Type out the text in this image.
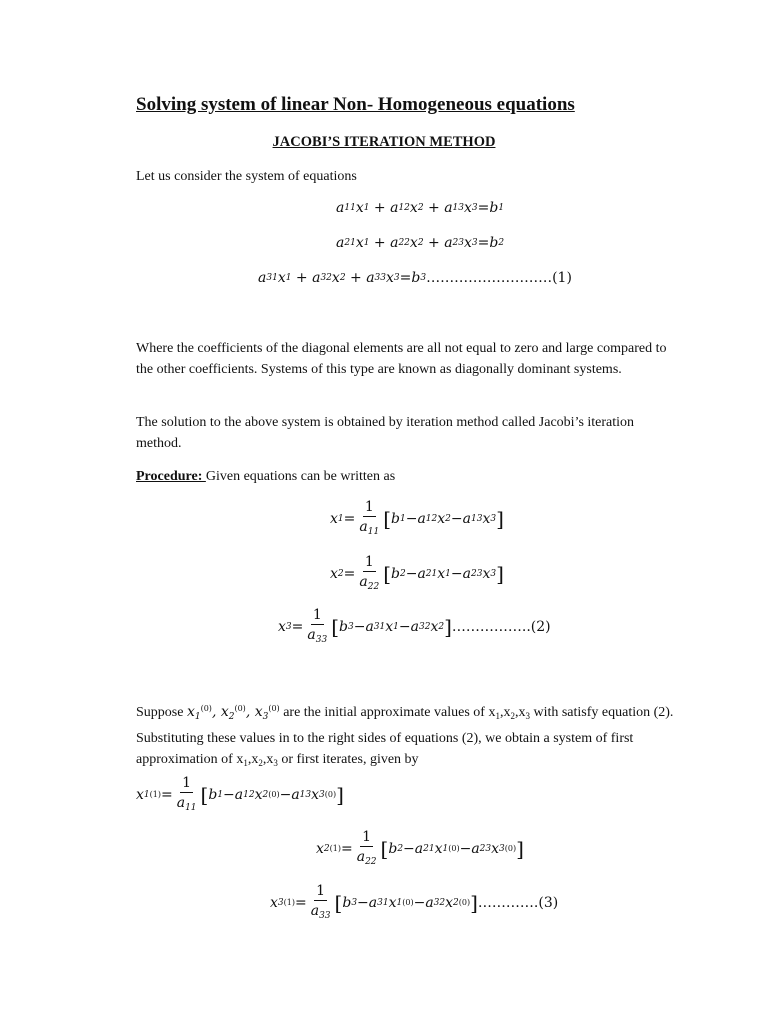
Solving system of linear Non- Homogeneous equations
JACOBI’S ITERATION METHOD
Let us consider the system of equations
a 11 x 1 + a 12 x 2 + a 13 x 3 = b 1
a 21 x 1 + a 22 x 2 + a 23 x 3 = b 2
a 31 x 1 + a 32 x 2 + a 33 x 3 = b 3 ………………………(1)
Where the coefficients of the diagonal elements are all not equal to zero and large compared to the other coefficients. Systems of this type are known as diagonally dominant systems.
The solution to the above system is obtained by iteration method called Jacobi’s iteration method.
Procedure: Given equations can be written as
x $1 = \frac{1}{a_{11}}$ [ b 1 − a 12 x 2 − a 13 x 3 ]
x $2 = \frac{1}{a_{22}}$ [ b 2 − a 21 x 1 − a 23 x 3 ]
x $3 = \frac{1}{a_{33}}$ [ b 3 − a 31 x 1 − a 32 x 2 ] ……………..(2)
Suppose $x_1^{(0)}$, $x_2^{(0)}$, $x_3^{(0)}$ are the initial approximate values of $x_1,x_2,x_3$ with satisfy equation (2). Substituting these values in to the right sides of equations (2), we obtain a system of first approximation of $x_1,x_2,x_3$ or first iterates, given by
x 1 $(1) = \frac{1}{a_{11}}$ [ b 1 − a 12 x 2 (0) − a 13 x 3 (0) ]
x 2 $(1) = \frac{1}{a_{22}}$ [ b 2 − a 21 x 1 (0) − a 23 x 3 (0) ]
x 3 $(1) = \frac{1}{a_{33}}$ [ b 3 − a 31 x 1 (0) − a 32 x 2 (0) ] ………….(3)
